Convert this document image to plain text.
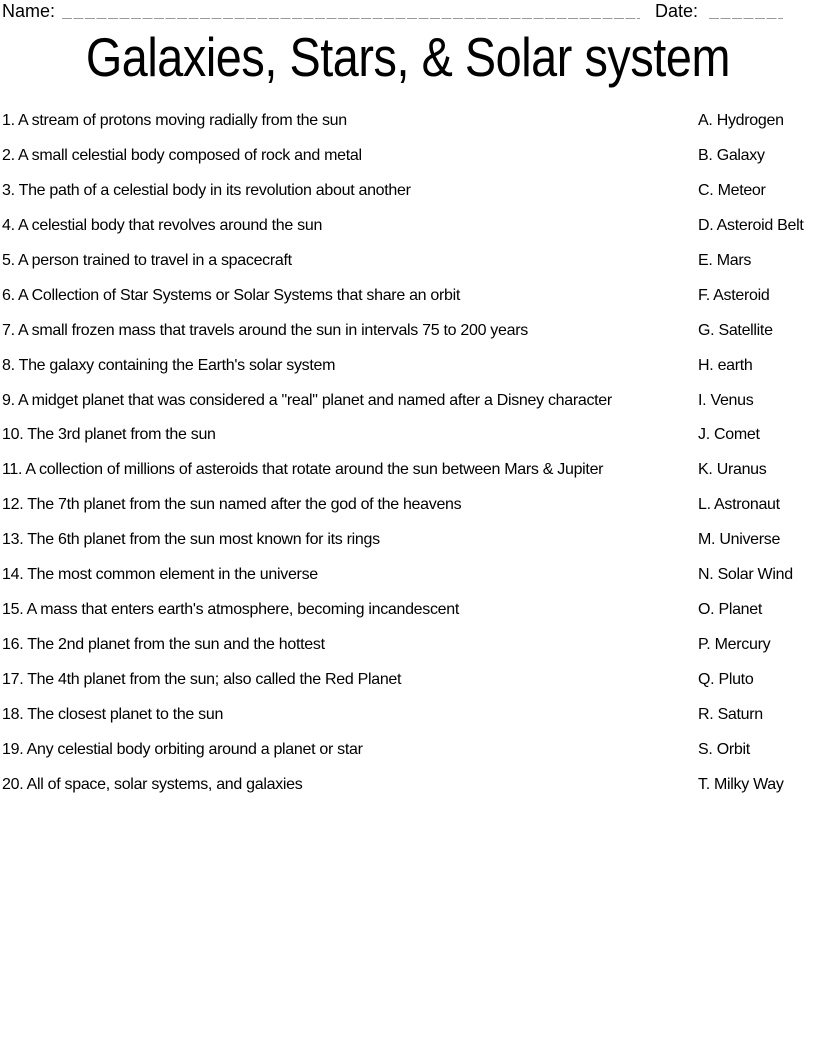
Name:	Date:
Galaxies, Stars, & Solar system
1. A stream of protons moving radially from the sun
2. A small celestial body composed of rock and metal
3. The path of a celestial body in its revolution about another
4. A celestial body that revolves around the sun
5. A person trained to travel in a spacecraft
6. A Collection of Star Systems or Solar Systems that share an orbit
7. A small frozen mass that travels around the sun in intervals 75 to 200 years
8. The galaxy containing the Earth's solar system
9. A midget planet that was considered a "real" planet and named after a Disney character
10. The 3rd planet from the sun
11. A collection of millions of asteroids that rotate around the sun between Mars & Jupiter
12. The 7th planet from the sun named after the god of the heavens
13. The 6th planet from the sun most known for its rings
14. The most common element in the universe
15. A mass that enters earth's atmosphere, becoming incandescent
16. The 2nd planet from the sun and the hottest
17. The 4th planet from the sun; also called the Red Planet
18. The closest planet to the sun
19. Any celestial body orbiting around a planet or star
20. All of space, solar systems, and galaxies
A. Hydrogen
B. Galaxy
C. Meteor
D. Asteroid Belt
E. Mars
F. Asteroid
G. Satellite
H. earth
I. Venus
J. Comet
K. Uranus
L. Astronaut
M. Universe
N. Solar Wind
O. Planet
P. Mercury
Q. Pluto
R. Saturn
S. Orbit
T. Milky Way
